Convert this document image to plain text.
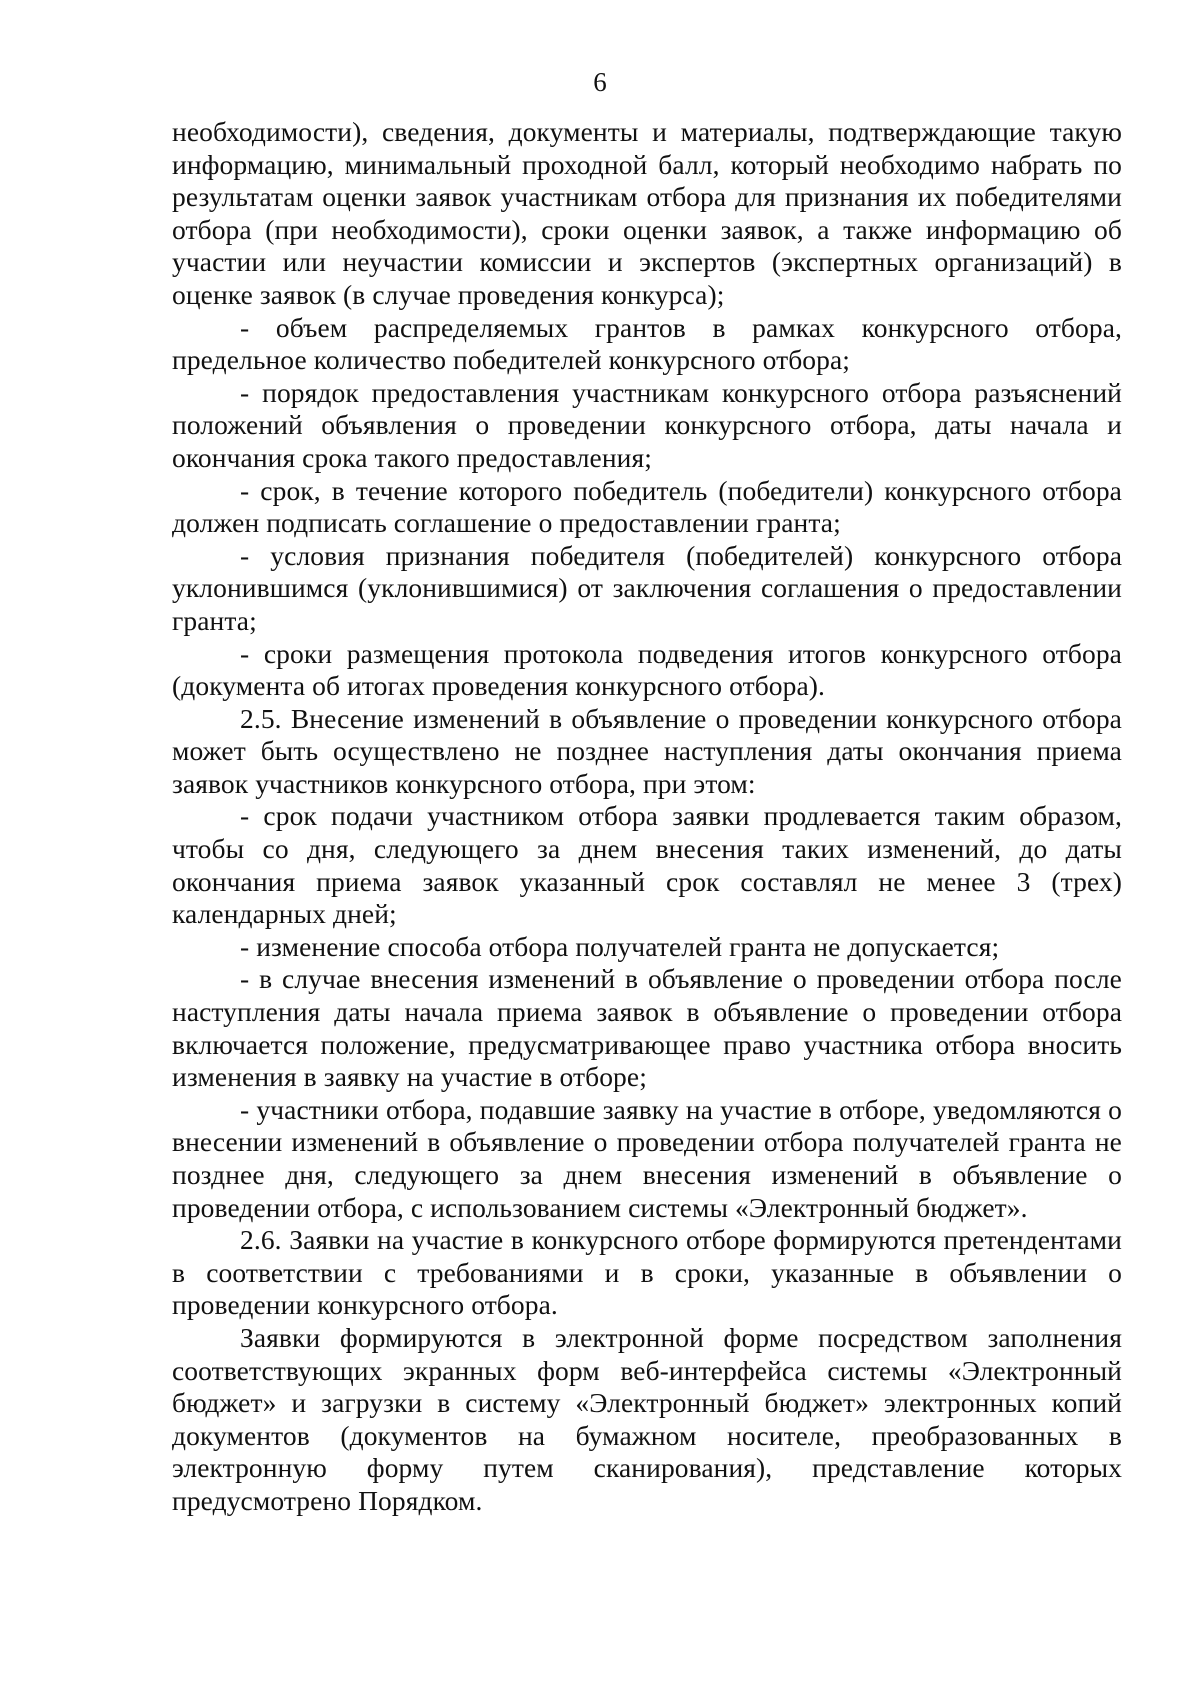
6

необходимости), сведения, документы и материалы, подтверждающие такую информацию, минимальный проходной балл, который необходимо набрать по результатам оценки заявок участникам отбора для признания их победителями отбора (при необходимости), сроки оценки заявок, а также информацию об участии или неучастии комиссии и экспертов (экспертных организаций) в оценке заявок (в случае проведения конкурса);

- объем распределяемых грантов в рамках конкурсного отбора, предельное количество победителей конкурсного отбора;

- порядок предоставления участникам конкурсного отбора разъяснений положений объявления о проведении конкурсного отбора, даты начала и окончания срока такого предоставления;

- срок, в течение которого победитель (победители) конкурсного отбора должен подписать соглашение о предоставлении гранта;

- условия признания победителя (победителей) конкурсного отбора уклонившимся (уклонившимися) от заключения соглашения о предоставлении гранта;

- сроки размещения протокола подведения итогов конкурсного отбора (документа об итогах проведения конкурсного отбора).

2.5. Внесение изменений в объявление о проведении конкурсного отбора может быть осуществлено не позднее наступления даты окончания приема заявок участников конкурсного отбора, при этом:

- срок подачи участником отбора заявки продлевается таким образом, чтобы со дня, следующего за днем внесения таких изменений, до даты окончания приема заявок указанный срок составлял не менее 3 (трех) календарных дней;

- изменение способа отбора получателей гранта не допускается;

- в случае внесения изменений в объявление о проведении отбора после наступления даты начала приема заявок в объявление о проведении отбора включается положение, предусматривающее право участника отбора вносить изменения в заявку на участие в отборе;

- участники отбора, подавшие заявку на участие в отборе, уведомляются о внесении изменений в объявление о проведении отбора получателей гранта не позднее дня, следующего за днем внесения изменений в объявление о проведении отбора, с использованием системы «Электронный бюджет».

2.6. Заявки на участие в конкурсного отборе формируются претендентами в соответствии с требованиями и в сроки, указанные в объявлении о проведении конкурсного отбора.

Заявки формируются в электронной форме посредством заполнения соответствующих экранных форм веб-интерфейса системы «Электронный бюджет» и загрузки в систему «Электронный бюджет» электронных копий документов (документов на бумажном носителе, преобразованных в электронную форму путем сканирования), представление которых предусмотрено Порядком.
